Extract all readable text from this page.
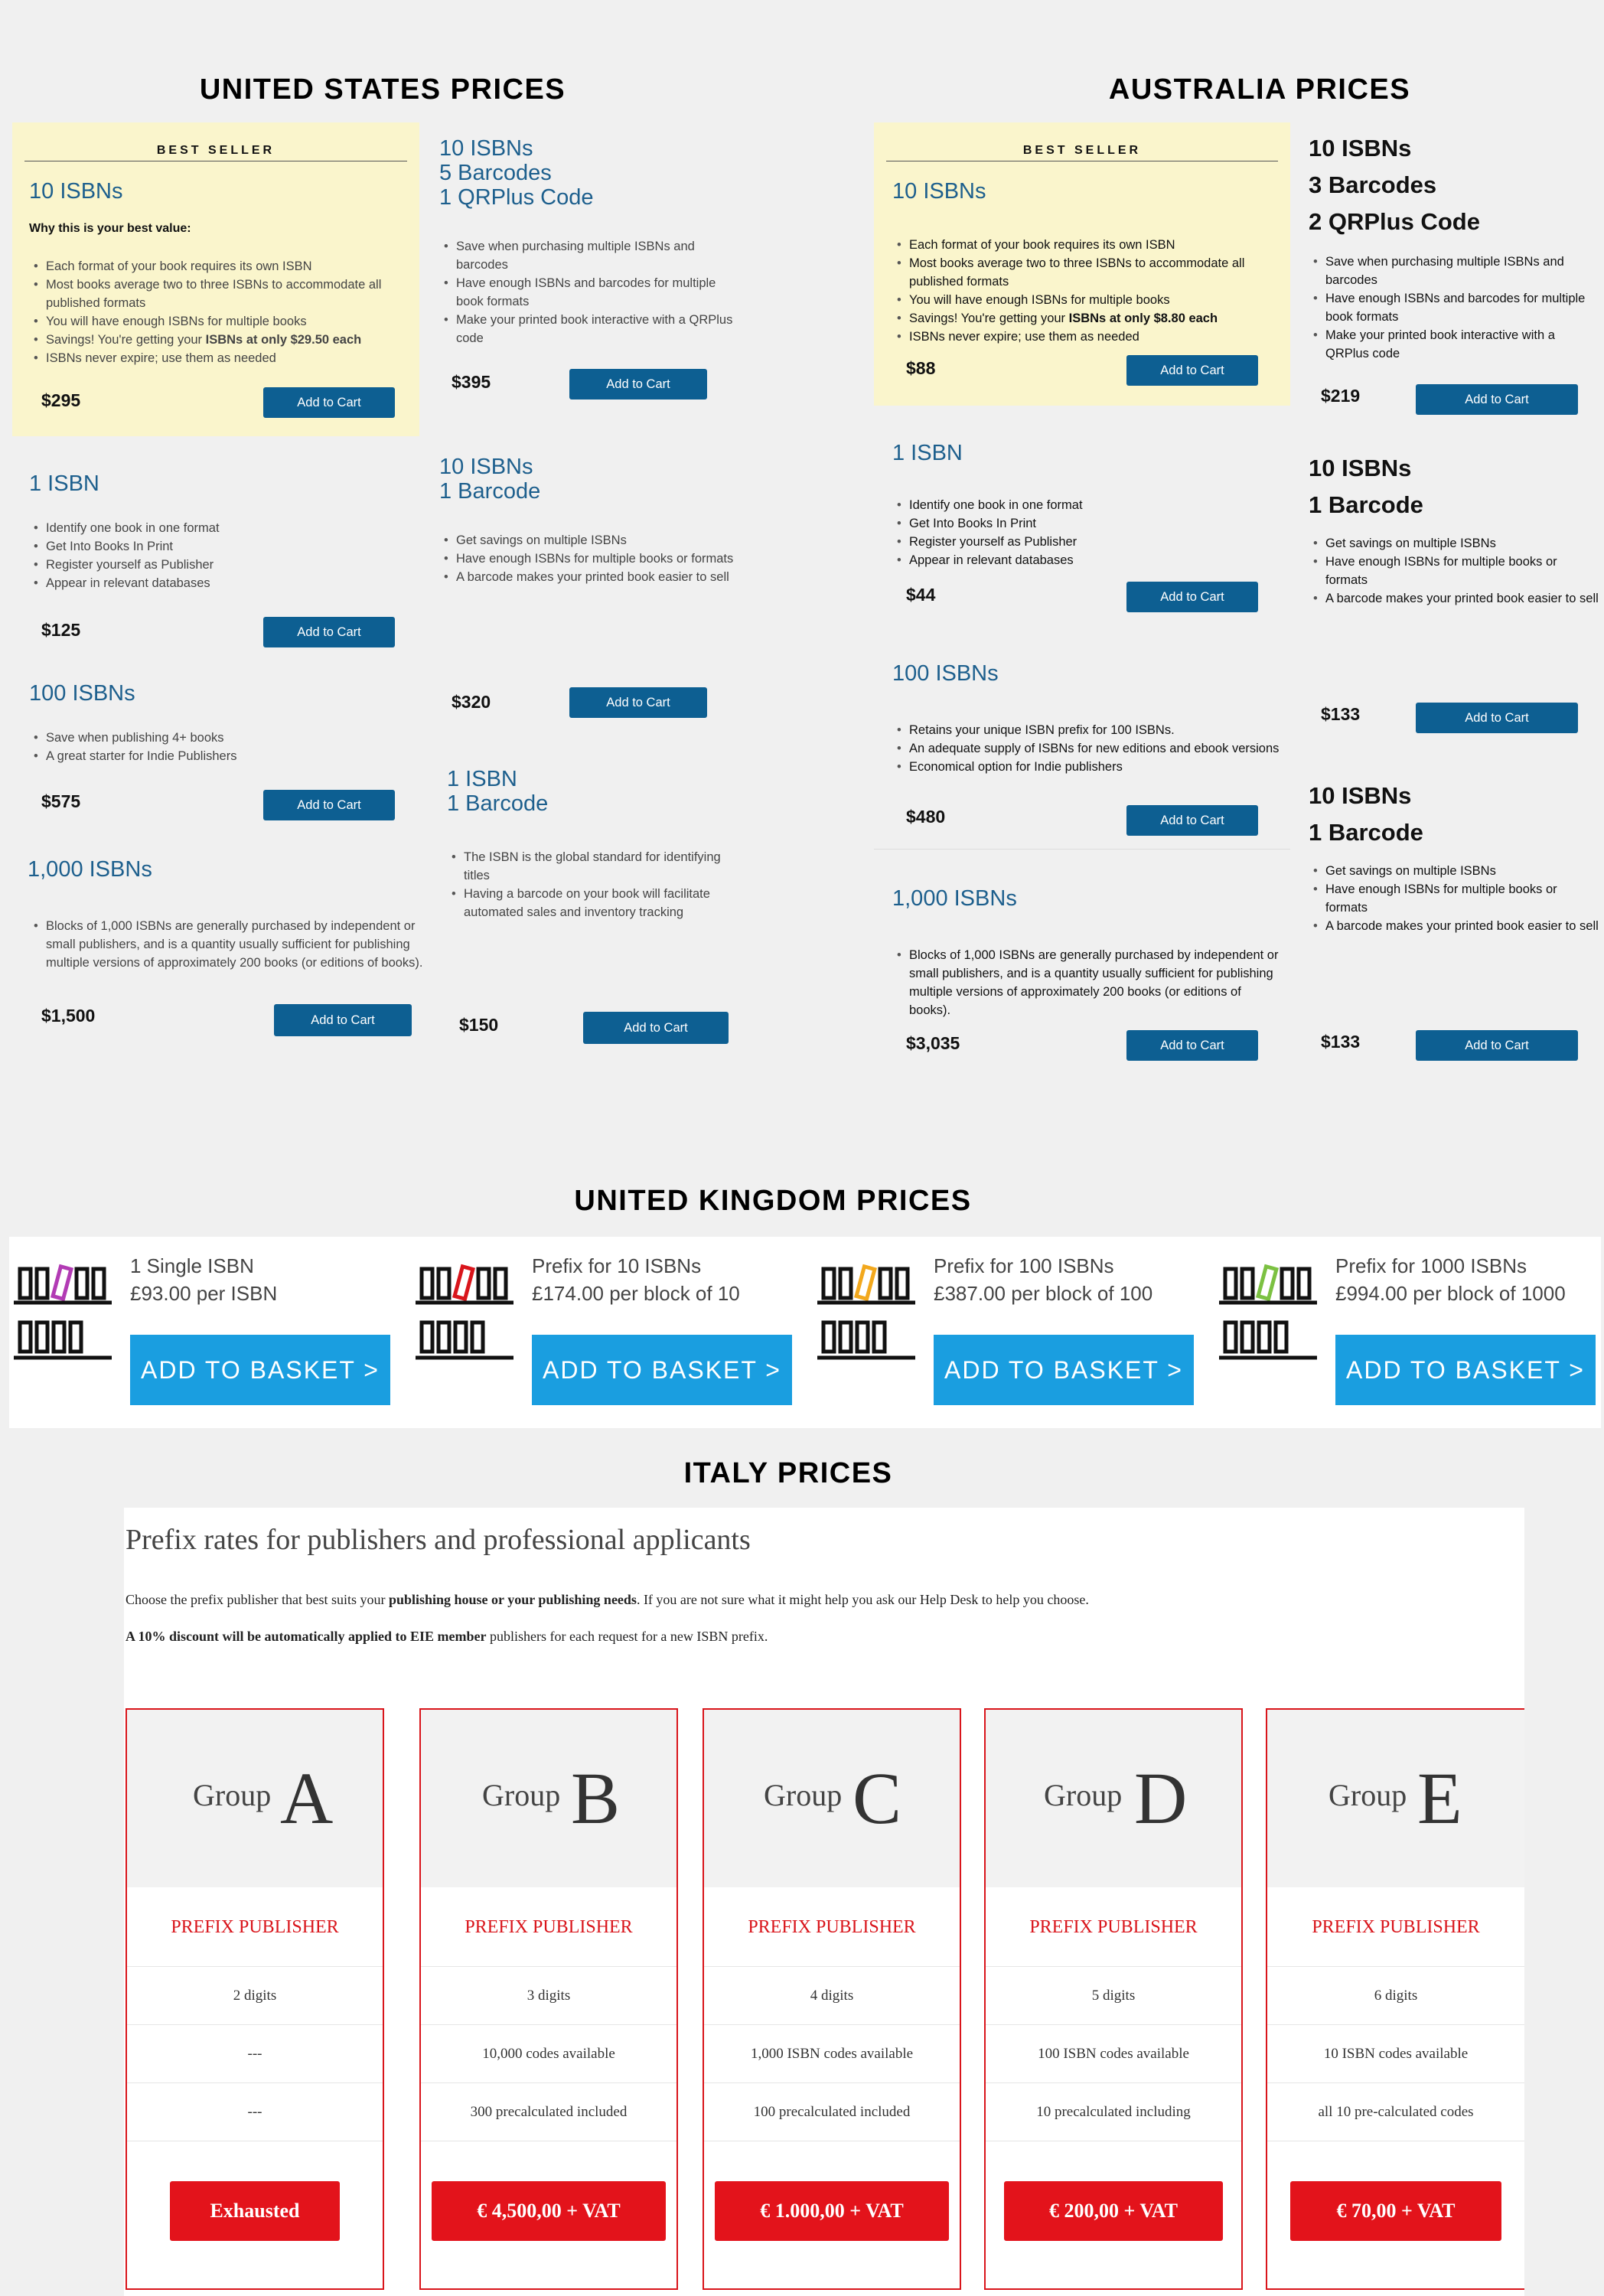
UNITED STATES PRICES
BEST SELLER
10 ISBNs
Why this is your best value:
• Each format of your book requires its own ISBN
• Most books average two to three ISBNs to accommodate all published formats
• You will have enough ISBNs for multiple books
• Savings! You're getting your ISBNs at only $29.50 each
• ISBNs never expire; use them as needed
$295	Add to Cart
1 ISBN
• Identify one book in one format
• Get Into Books In Print
• Register yourself as Publisher
• Appear in relevant databases
$125	Add to Cart
100 ISBNs
• Save when publishing 4+ books
• A great starter for Indie Publishers
$575	Add to Cart
1,000 ISBNs
• Blocks of 1,000 ISBNs are generally purchased by independent or small publishers, and is a quantity usually sufficient for publishing multiple versions of approximately 200 books (or editions of books).
$1,500	Add to Cart
10 ISBNs
5 Barcodes
1 QRPlus Code
• Save when purchasing multiple ISBNs and barcodes
• Have enough ISBNs and barcodes for multiple book formats
• Make your printed book interactive with a QRPlus code
$395	Add to Cart
10 ISBNs
1 Barcode
• Get savings on multiple ISBNs
• Have enough ISBNs for multiple books or formats
• A barcode makes your printed book easier to sell
$320	Add to Cart
1 ISBN
1 Barcode
• The ISBN is the global standard for identifying titles
• Having a barcode on your book will facilitate automated sales and inventory tracking
$150	Add to Cart
AUSTRALIA PRICES
BEST SELLER
10 ISBNs
• Each format of your book requires its own ISBN
• Most books average two to three ISBNs to accommodate all published formats
• You will have enough ISBNs for multiple books
• Savings! You're getting your ISBNs at only $8.80 each
• ISBNs never expire; use them as needed
$88	Add to Cart
1 ISBN
• Identify one book in one format
• Get Into Books In Print
• Register yourself as Publisher
• Appear in relevant databases
$44	Add to Cart
100 ISBNs
• Retains your unique ISBN prefix for 100 ISBNs.
• An adequate supply of ISBNs for new editions and ebook versions
• Economical option for Indie publishers
$480	Add to Cart
1,000 ISBNs
• Blocks of 1,000 ISBNs are generally purchased by independent or small publishers, and is a quantity usually sufficient for publishing multiple versions of approximately 200 books (or editions of books).
$3,035	Add to Cart
10 ISBNs
3 Barcodes
2 QRPlus Code
• Save when purchasing multiple ISBNs and barcodes
• Have enough ISBNs and barcodes for multiple book formats
• Make your printed book interactive with a QRPlus code
$219	Add to Cart
10 ISBNs
1 Barcode
• Get savings on multiple ISBNs
• Have enough ISBNs for multiple books or formats
• A barcode makes your printed book easier to sell
$133	Add to Cart
10 ISBNs
1 Barcode
• Get savings on multiple ISBNs
• Have enough ISBNs for multiple books or formats
• A barcode makes your printed book easier to sell
$133	Add to Cart
UNITED KINGDOM PRICES
1 Single ISBN
£93.00 per ISBN
ADD TO BASKET >
Prefix for 10 ISBNs
£174.00 per block of 10
ADD TO BASKET >
Prefix for 100 ISBNs
£387.00 per block of 100
ADD TO BASKET >
Prefix for 1000 ISBNs
£994.00 per block of 1000
ADD TO BASKET >
ITALY PRICES
Prefix rates for publishers and professional applicants
Choose the prefix publisher that best suits your publishing house or your publishing needs. If you are not sure what it might help you ask our Help Desk to help you choose.
A 10% discount will be automatically applied to EIE member publishers for each request for a new ISBN prefix.
Group A
PREFIX PUBLISHER
2 digits
---
---
Exhausted
Group B
PREFIX PUBLISHER
3 digits
10,000 codes available
300 precalculated included
€ 4,500,00 + VAT
Group C
PREFIX PUBLISHER
4 digits
1,000 ISBN codes available
100 precalculated included
€ 1.000,00 + VAT
Group D
PREFIX PUBLISHER
5 digits
100 ISBN codes available
10 precalculated including
€ 200,00 + VAT
Group E
PREFIX PUBLISHER
6 digits
10 ISBN codes available
all 10 pre-calculated codes
€ 70,00 + VAT
